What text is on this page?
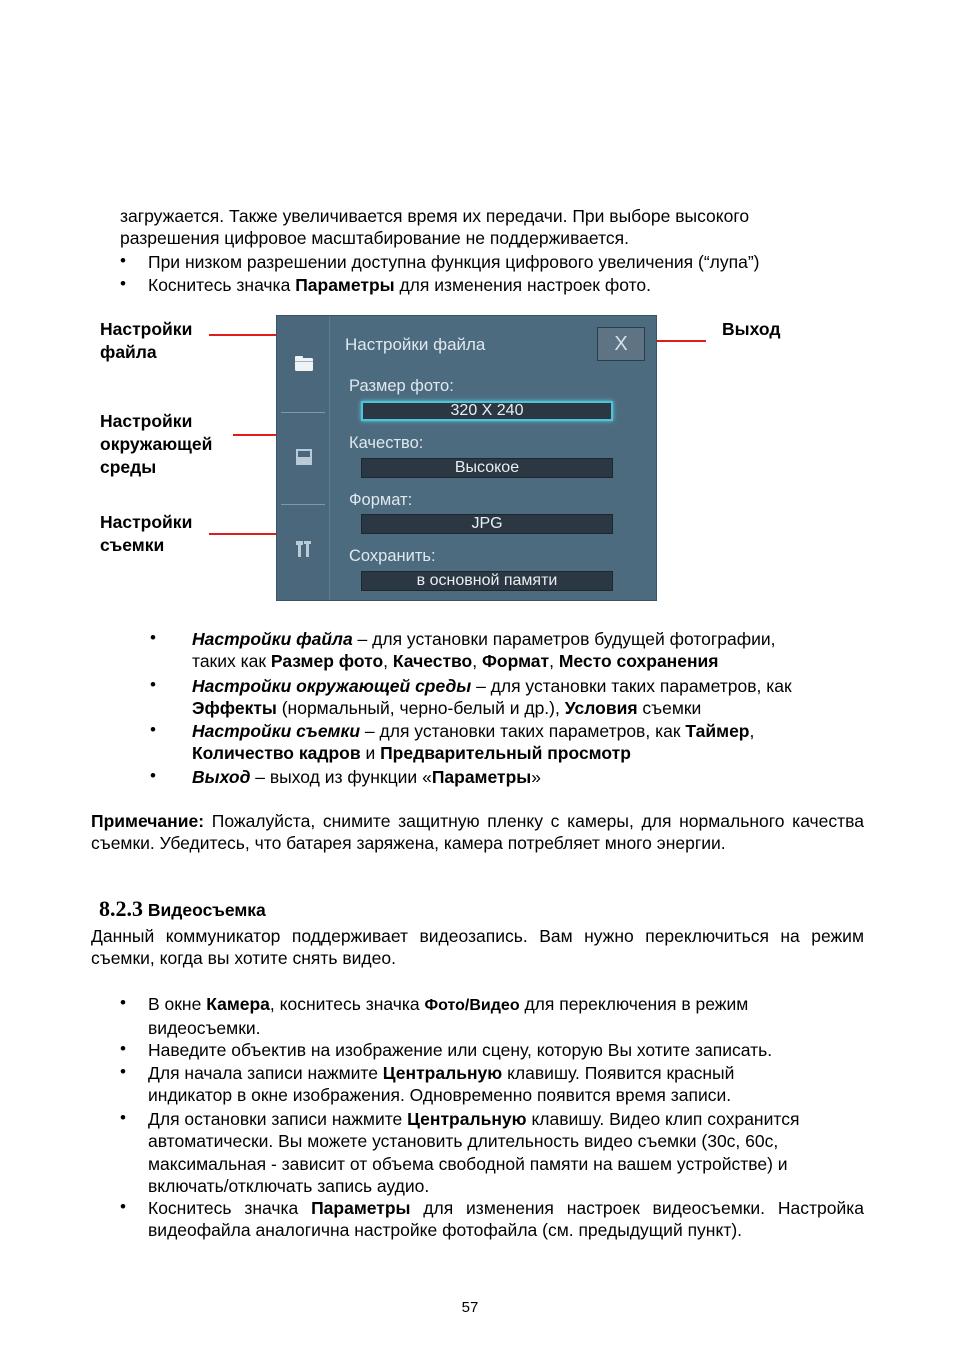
загружается. Также увеличивается время их передачи. При выборе высокого
разрешения цифровое масштабирование не поддерживается.
• При низком разрешении доступна функция цифрового увеличения (“лупа”)
• Коснитесь значка Параметры для изменения настроек фото.
Настройки файла
Настройки окружающей среды
Настройки съемки
Выход
Настройки файла	X
Размер фото:
320 X 240
Качество:
Высокое
Формат:
JPG
Сохранить:
в основной памяти
• Настройки файла – для установки параметров будущей фотографии,
таких как Размер фото, Качество, Формат, Место сохранения
• Настройки окружающей среды – для установки таких параметров, как
Эффекты (нормальный, черно-белый и др.), Условия съемки
• Настройки съемки – для установки таких параметров, как Таймер,
Количество кадров и Предварительный просмотр
• Выход – выход из функции «Параметры»
Примечание: Пожалуйста, снимите защитную пленку с камеры, для нормального качества съемки. Убедитесь, что батарея заряжена, камера потребляет много энергии.
8.2.3 Видеосъемка
Данный коммуникатор поддерживает видеозапись. Вам нужно переключиться на режим съемки, когда вы хотите снять видео.
• В окне Камера, коснитесь значка Фото/Видео для переключения в режим
видеосъемки.
• Наведите объектив на изображение или сцену, которую Вы хотите записать.
• Для начала записи нажмите Центральную клавишу. Появится красный
индикатор в окне изображения. Одновременно появится время записи.
• Для остановки записи нажмите Центральную клавишу. Видео клип сохранится
автоматически. Вы можете установить длительность видео съемки (30с, 60с,
максимальная - зависит от объема свободной памяти на вашем устройстве) и
включать/отключать запись аудио.
• Коснитесь значка Параметры для изменения настроек видеосъемки. Настройка видеофайла аналогична настройке фотофайла (см. предыдущий пункт).
57
